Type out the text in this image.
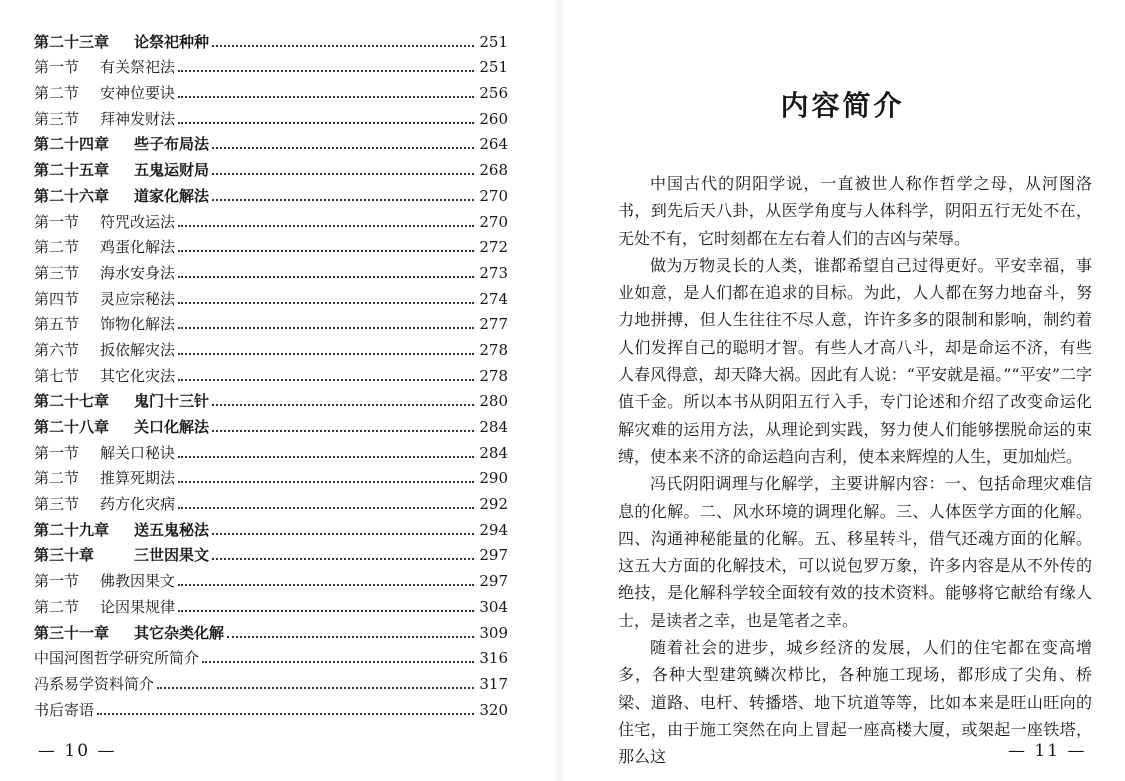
第二十三章 论祭祀种种	251
第一节 有关祭祀法	251
第二节 安神位要诀	256
第三节 拜神发财法	260
第二十四章 些子布局法	264
第二十五章 五鬼运财局	268
第二十六章 道家化解法	270
第一节 符咒改运法	270
第二节 鸡蛋化解法	272
第三节 海水安身法	273
第四节 灵应宗秘法	274
第五节 饰物化解法	277
第六节 扳依解灾法	278
第七节 其它化灾法	278
第二十七章 鬼门十三针	280
第二十八章 关口化解法	284
第一节 解关口秘诀	284
第二节 推算死期法	290
第三节 药方化灾病	292
第二十九章 送五鬼秘法	294
第三十章	三世因果文	297
第一节 佛教因果文	297
第二节 论因果规律	304
第三十一章 其它杂类化解	309
中国河图哲学研究所简介	316
冯系易学资料简介	317
书后寄语	320
— 10 —
内容简介

中国古代的阴阳学说，一直被世人称作哲学之母，从河图洛书，到先后天八卦，从医学角度与人体科学，阴阳五行无处不在，无处不有，它时刻都在左右着人们的吉凶与荣辱。

做为万物灵长的人类，谁都希望自己过得更好。平安幸福，事业如意，是人们都在追求的目标。为此，人人都在努力地奋斗，努力地拼搏，但人生往往不尽人意，许许多多的限制和影响，制约着人们发挥自己的聪明才智。有些人才高八斗，却是命运不济，有些人春风得意，却天降大祸。因此有人说：“平安就是福。”“平安”二字值千金。所以本书从阴阳五行入手，专门论述和介绍了改变命运化解灾难的运用方法，从理论到实践，努力使人们能够摆脱命运的束缚，使本来不济的命运趋向吉利，使本来辉煌的人生，更加灿烂。

冯氏阴阳调理与化解学，主要讲解内容：一、包括命理灾难信息的化解。二、风水环境的调理化解。三、人体医学方面的化解。四、沟通神秘能量的化解。五、移星转斗，借气还魂方面的化解。这五大方面的化解技术，可以说包罗万象，许多内容是从不外传的绝技，是化解科学较全面较有效的技术资料。能够将它献给有缘人士，是读者之幸，也是笔者之幸。

随着社会的进步，城乡经济的发展，人们的住宅都在变高增多，各种大型建筑鳞次栉比，各种施工现场，都形成了尖角、桥梁、道路、电杆、转播塔、地下坑道等等，比如本来是旺山旺向的住宅，由于施工突然在向上冒起一座高楼大厦，或架起一座铁塔，那么这	— 11 —
